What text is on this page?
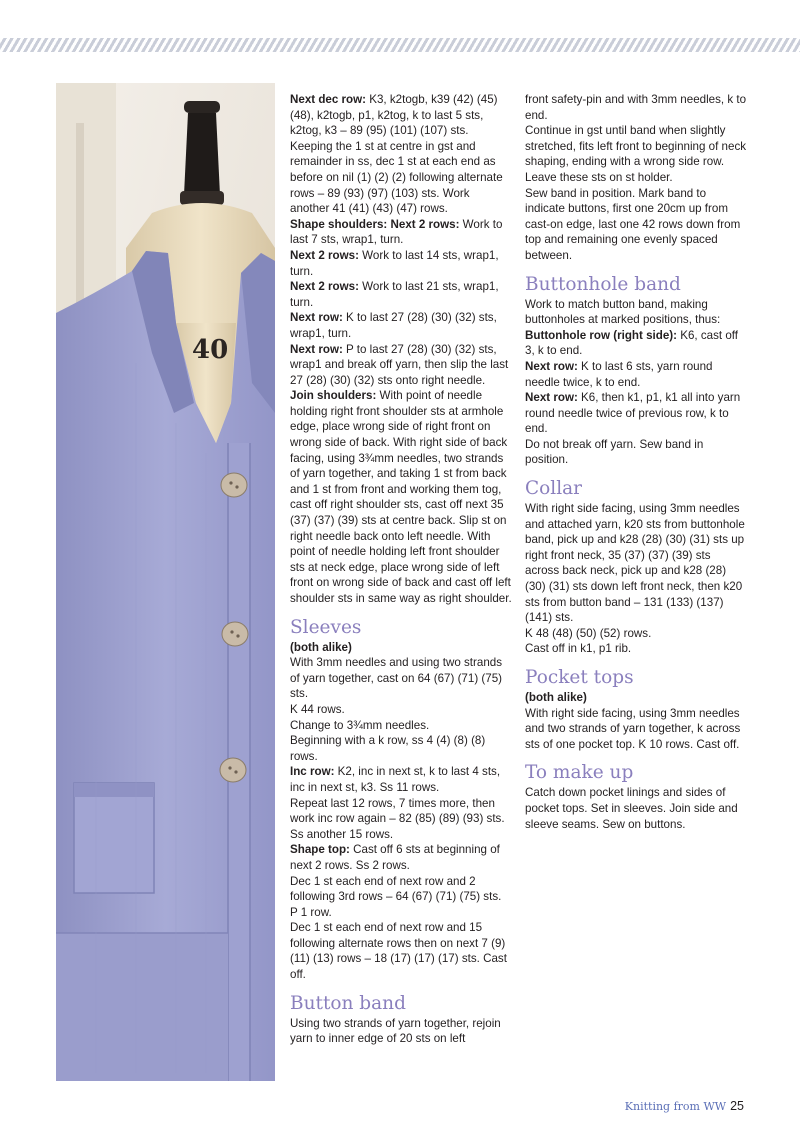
40

Next dec row: K3, k2togb, k39 (42) (45) (48), k2togb, p1, k2tog, k to last 5 sts, k2tog, k3 – 89 (95) (101) (107) sts. Keeping the 1 st at centre in gst and remainder in ss, dec 1 st at each end as before on nil (1) (2) (2) following alternate rows – 89 (93) (97) (103) sts. Work another 41 (41) (43) (47) rows.

Shape shoulders: Next 2 rows: Work to last 7 sts, wrap1, turn.

Next 2 rows: Work to last 14 sts, wrap1, turn.

Next 2 rows: Work to last 21 sts, wrap1, turn.

Next row: K to last 27 (28) (30) (32) sts, wrap1, turn.

Next row: P to last 27 (28) (30) (32) sts, wrap1 and break off yarn, then slip the last 27 (28) (30) (32) sts onto right needle.

Join shoulders: With point of needle holding right front shoulder sts at armhole edge, place wrong side of right front on wrong side of back. With right side of back facing, using 3¾mm needles, two strands of yarn together, and taking 1 st from back and 1 st from front and working them tog, cast off right shoulder sts, cast off next 35 (37) (37) (39) sts at centre back. Slip st on right needle back onto left needle. With point of needle holding left front shoulder sts at neck edge, place wrong side of left front on wrong side of back and cast off left shoulder sts in same way as right shoulder.

Sleeves
(both alike)

With 3mm needles and using two strands of yarn together, cast on 64 (67) (71) (75) sts.

K 44 rows.

Change to 3¾mm needles.

Beginning with a k row, ss 4 (4) (8) (8) rows.

Inc row: K2, inc in next st, k to last 4 sts, inc in next st, k3. Ss 11 rows.

Repeat last 12 rows, 7 times more, then work inc row again – 82 (85) (89) (93) sts. Ss another 15 rows.

Shape top: Cast off 6 sts at beginning of next 2 rows. Ss 2 rows.

Dec 1 st each end of next row and 2 following 3rd rows – 64 (67) (71) (75) sts.

P 1 row.

Dec 1 st each end of next row and 15 following alternate rows then on next 7 (9) (11) (13) rows – 18 (17) (17) (17) sts. Cast off.

Button band

Using two strands of yarn together, rejoin yarn to inner edge of 20 sts on left

front safety-pin and with 3mm needles, k to end.

Continue in gst until band when slightly stretched, fits left front to beginning of neck shaping, ending with a wrong side row. Leave these sts on st holder.

Sew band in position. Mark band to indicate buttons, first one 20cm up from cast-on edge, last one 42 rows down from top and remaining one evenly spaced between.

Buttonhole band

Work to match button band, making buttonholes at marked positions, thus:

Buttonhole row (right side): K6, cast off 3, k to end.

Next row: K to last 6 sts, yarn round needle twice, k to end.

Next row: K6, then k1, p1, k1 all into yarn round needle twice of previous row, k to end.

Do not break off yarn. Sew band in position.

Collar

With right side facing, using 3mm needles and attached yarn, k20 sts from buttonhole band, pick up and k28 (28) (30) (31) sts up right front neck, 35 (37) (37) (39) sts across back neck, pick up and k28 (28) (30) (31) sts down left front neck, then k20 sts from button band – 131 (133) (137) (141) sts.

K 48 (48) (50) (52) rows.

Cast off in k1, p1 rib.

Pocket tops
(both alike)

With right side facing, using 3mm needles and two strands of yarn together, k across sts of one pocket top. K 10 rows. Cast off.

To make up

Catch down pocket linings and sides of pocket tops. Set in sleeves. Join side and sleeve seams. Sew on buttons.

Knitting from WW 25
